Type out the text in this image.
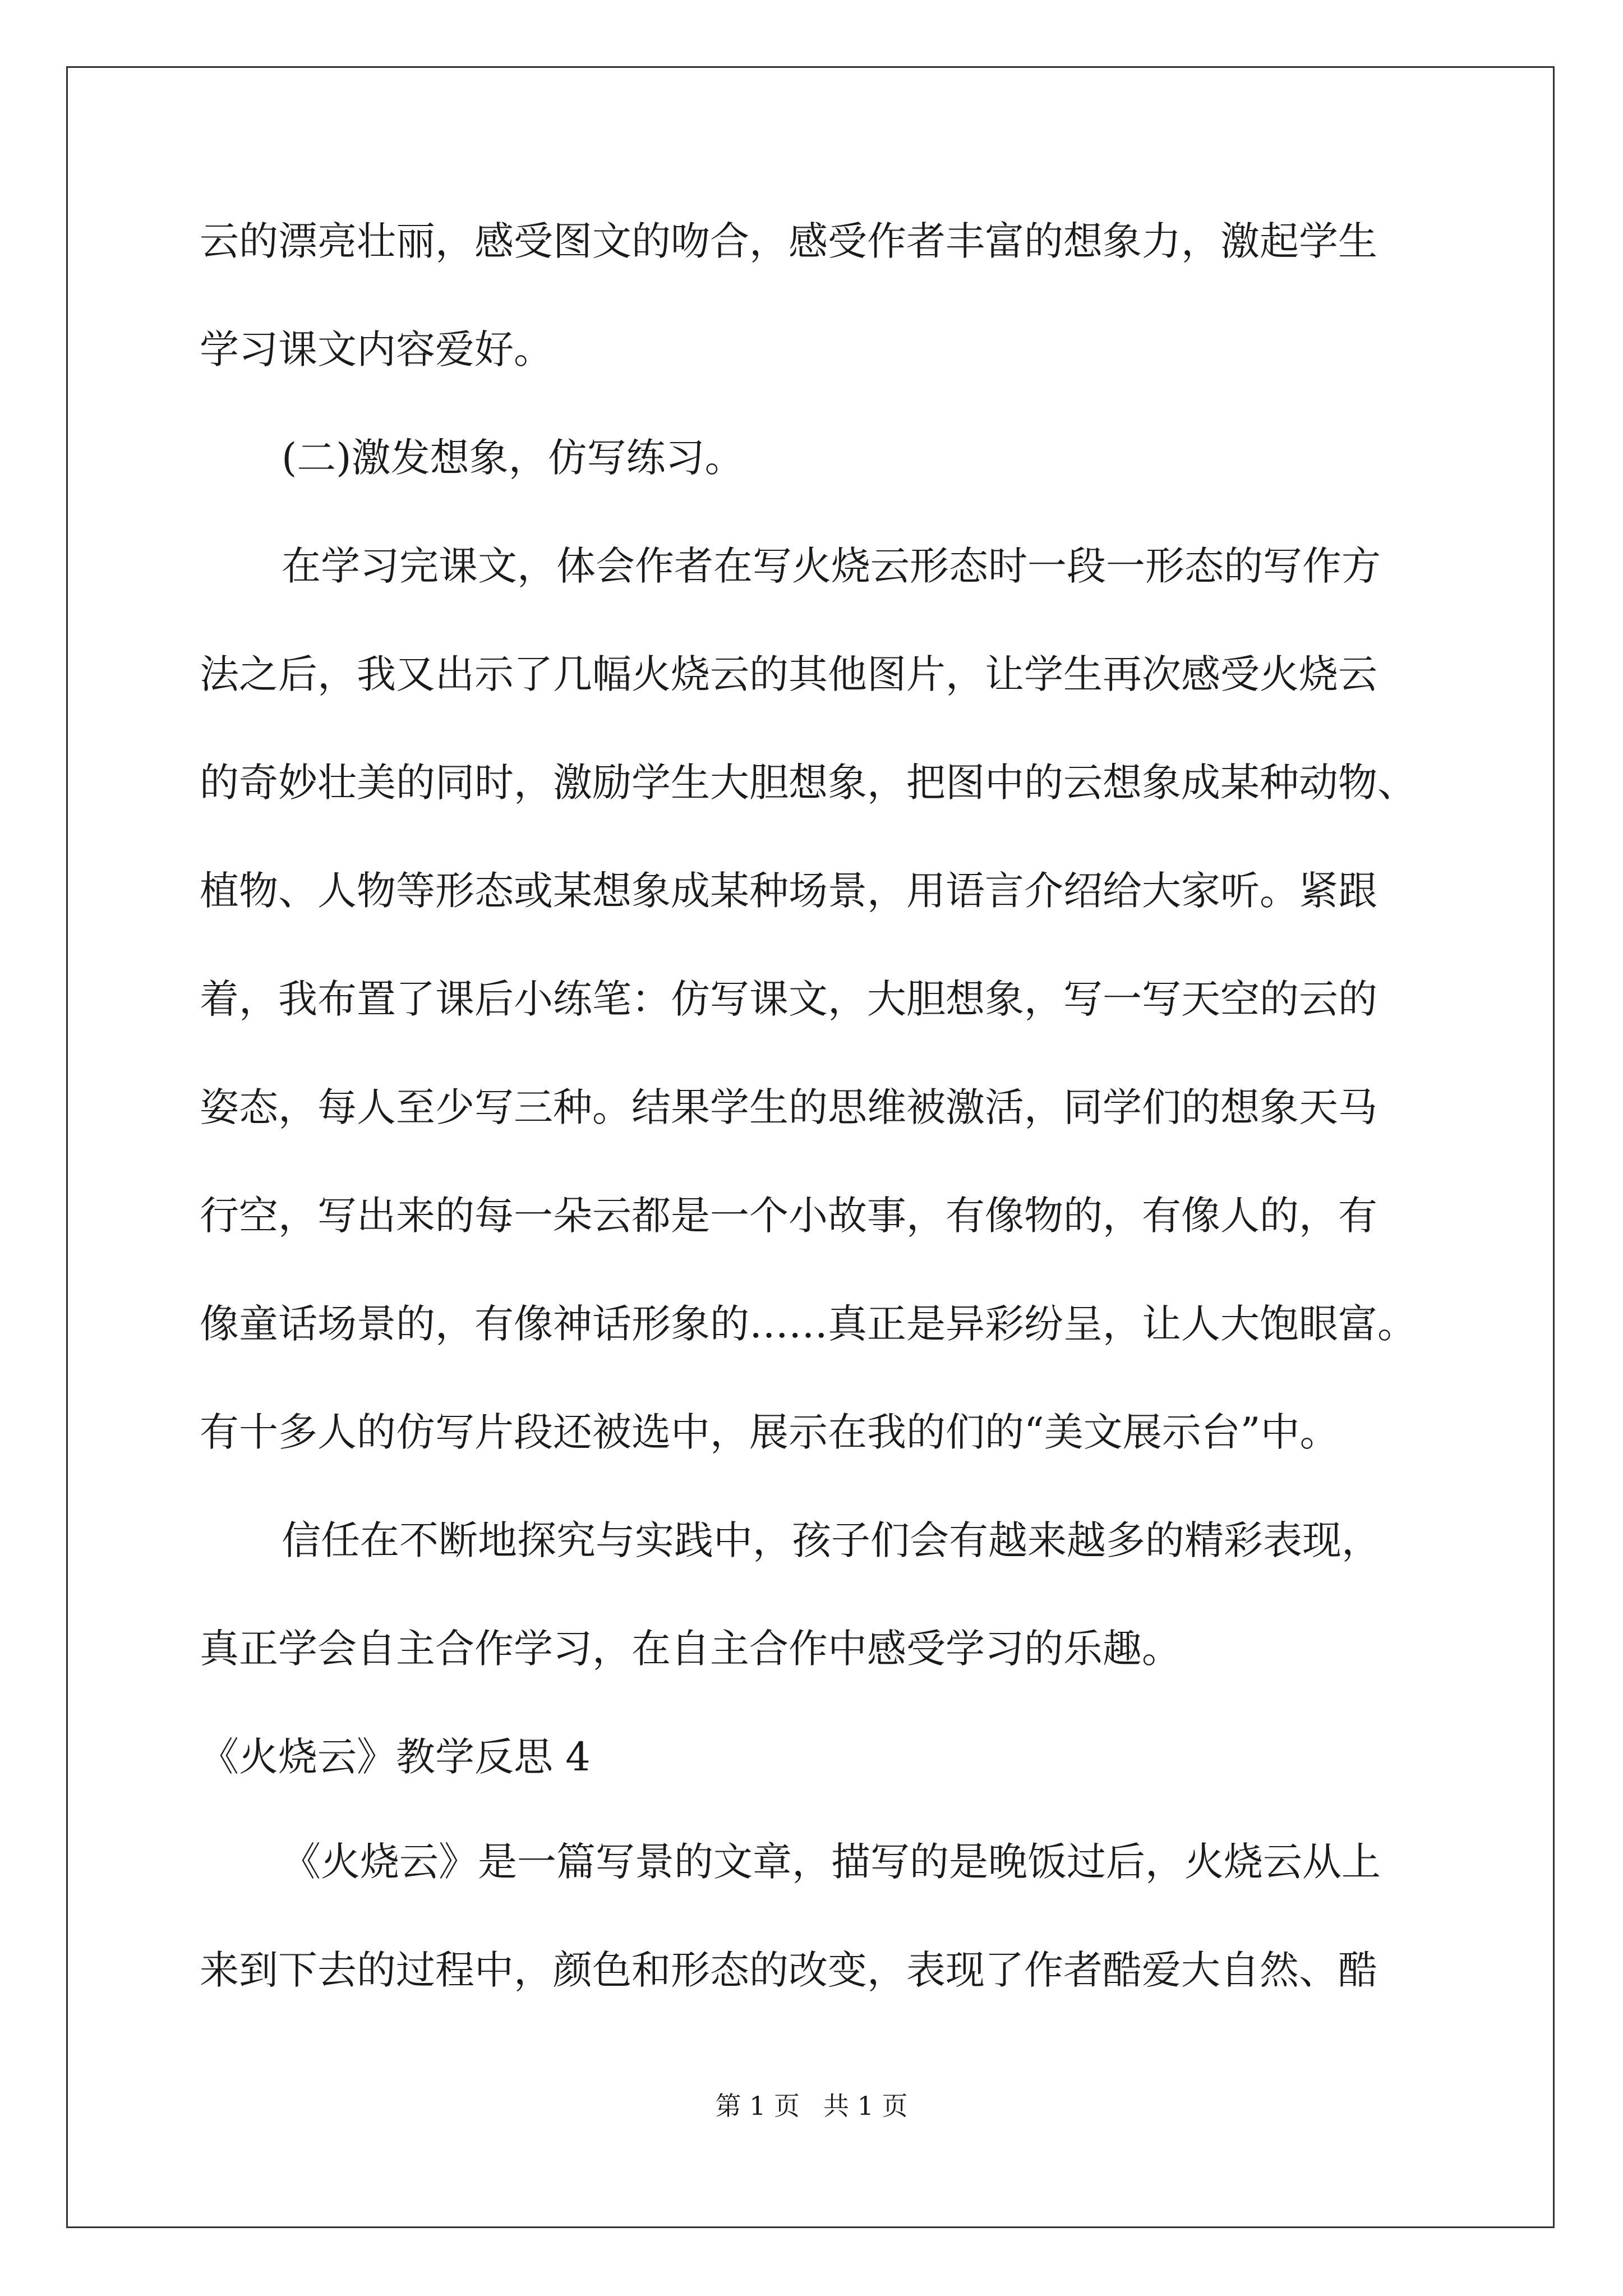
云的漂亮壮丽，感受图文的吻合，感受作者丰富的想象力，激起学生
学习课文内容爱好。
(二)激发想象，仿写练习。
在学习完课文，体会作者在写火烧云形态时一段一形态的写作方
法之后，我又出示了几幅火烧云的其他图片，让学生再次感受火烧云
的奇妙壮美的同时，激励学生大胆想象，把图中的云想象成某种动物、
植物、人物等形态或某想象成某种场景，用语言介绍给大家听。紧跟
着，我布置了课后小练笔：仿写课文，大胆想象，写一写天空的云的
姿态，每人至少写三种。结果学生的思维被激活，同学们的想象天马
行空，写出来的每一朵云都是一个小故事，有像物的，有像人的，有
像童话场景的，有像神话形象的……真正是异彩纷呈，让人大饱眼富。
有十多人的仿写片段还被选中，展示在我的们的“美文展示台”中。
信任在不断地探究与实践中，孩子们会有越来越多的精彩表现，
真正学会自主合作学习，在自主合作中感受学习的乐趣。
《火烧云》教学反思 4
《火烧云》是一篇写景的文章，描写的是晚饭过后，火烧云从上
来到下去的过程中，颜色和形态的改变，表现了作者酷爱大自然、酷
第 1 页 共 1 页
